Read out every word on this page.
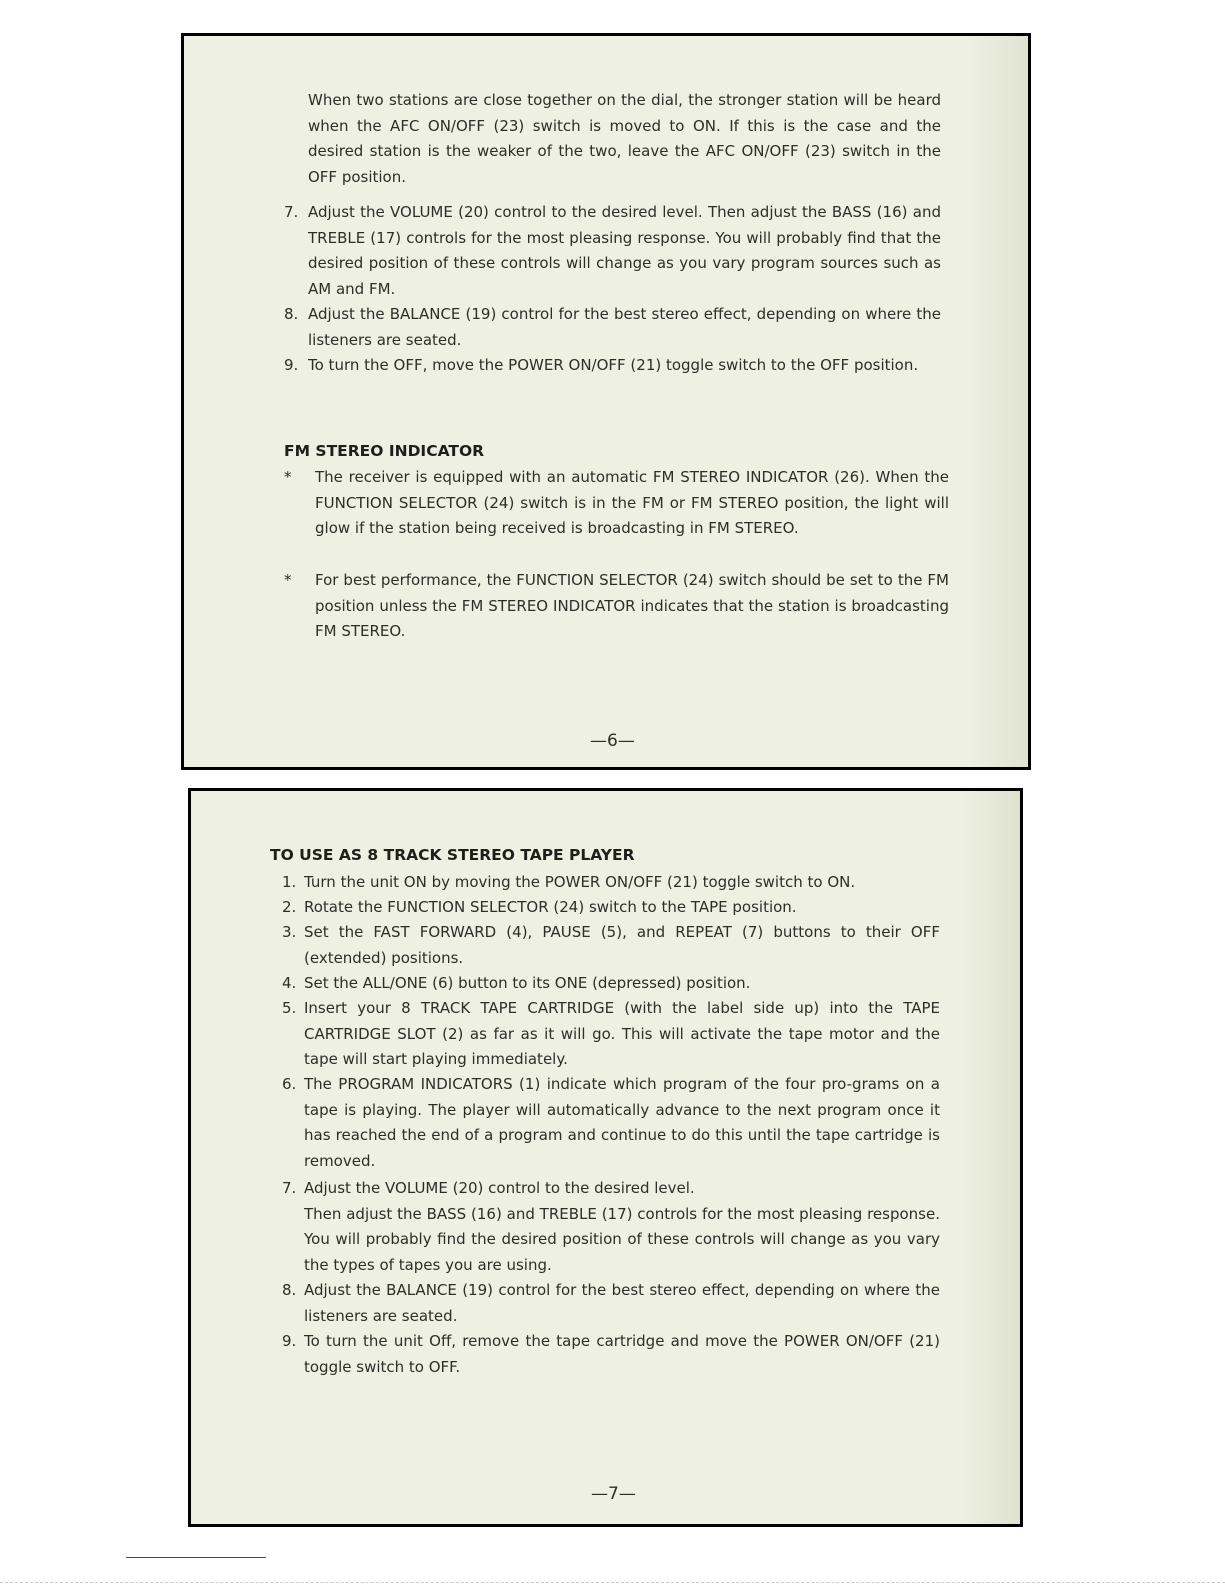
When two stations are close together on the dial, the stronger station will be heard when the AFC ON/OFF (23) switch is moved to ON. If this is the case and the desired station is the weaker of the two, leave the AFC ON/OFF (23) switch in the OFF position.

7. Adjust the VOLUME (20) control to the desired level. Then adjust the BASS (16) and TREBLE (17) controls for the most pleasing response. You will probably find that the desired position of these controls will change as you vary program sources such as AM and FM.
8. Adjust the BALANCE (19) control for the best stereo effect, depending on where the listeners are seated.
9. To turn the OFF, move the POWER ON/OFF (21) toggle switch to the OFF position.

FM STEREO INDICATOR

* The receiver is equipped with an automatic FM STEREO INDICATOR (26). When the FUNCTION SELECTOR (24) switch is in the FM or FM STEREO position, the light will glow if the station being received is broadcasting in FM STEREO.
* For best performance, the FUNCTION SELECTOR (24) switch should be set to the FM position unless the FM STEREO INDICATOR indicates that the station is broadcasting FM STEREO.

—6—

TO USE AS 8 TRACK STEREO TAPE PLAYER

1. Turn the unit ON by moving the POWER ON/OFF (21) toggle switch to ON.
2. Rotate the FUNCTION SELECTOR (24) switch to the TAPE position.
3. Set the FAST FORWARD (4), PAUSE (5), and REPEAT (7) buttons to their OFF (extended) positions.
4. Set the ALL/ONE (6) button to its ONE (depressed) position.
5. Insert your 8 TRACK TAPE CARTRIDGE (with the label side up) into the TAPE CARTRIDGE SLOT (2) as far as it will go. This will activate the tape motor and the tape will start playing immediately.
6. The PROGRAM INDICATORS (1) indicate which program of the four pro-grams on a tape is playing. The player will automatically advance to the next program once it has reached the end of a program and continue to do this until the tape cartridge is removed.
7. Adjust the VOLUME (20) control to the desired level.
Then adjust the BASS (16) and TREBLE (17) controls for the most pleasing response. You will probably find the desired position of these controls will change as you vary the types of tapes you are using.
8. Adjust the BALANCE (19) control for the best stereo effect, depending on where the listeners are seated.
9. To turn the unit Off, remove the tape cartridge and move the POWER ON/OFF (21) toggle switch to OFF.

—7—
